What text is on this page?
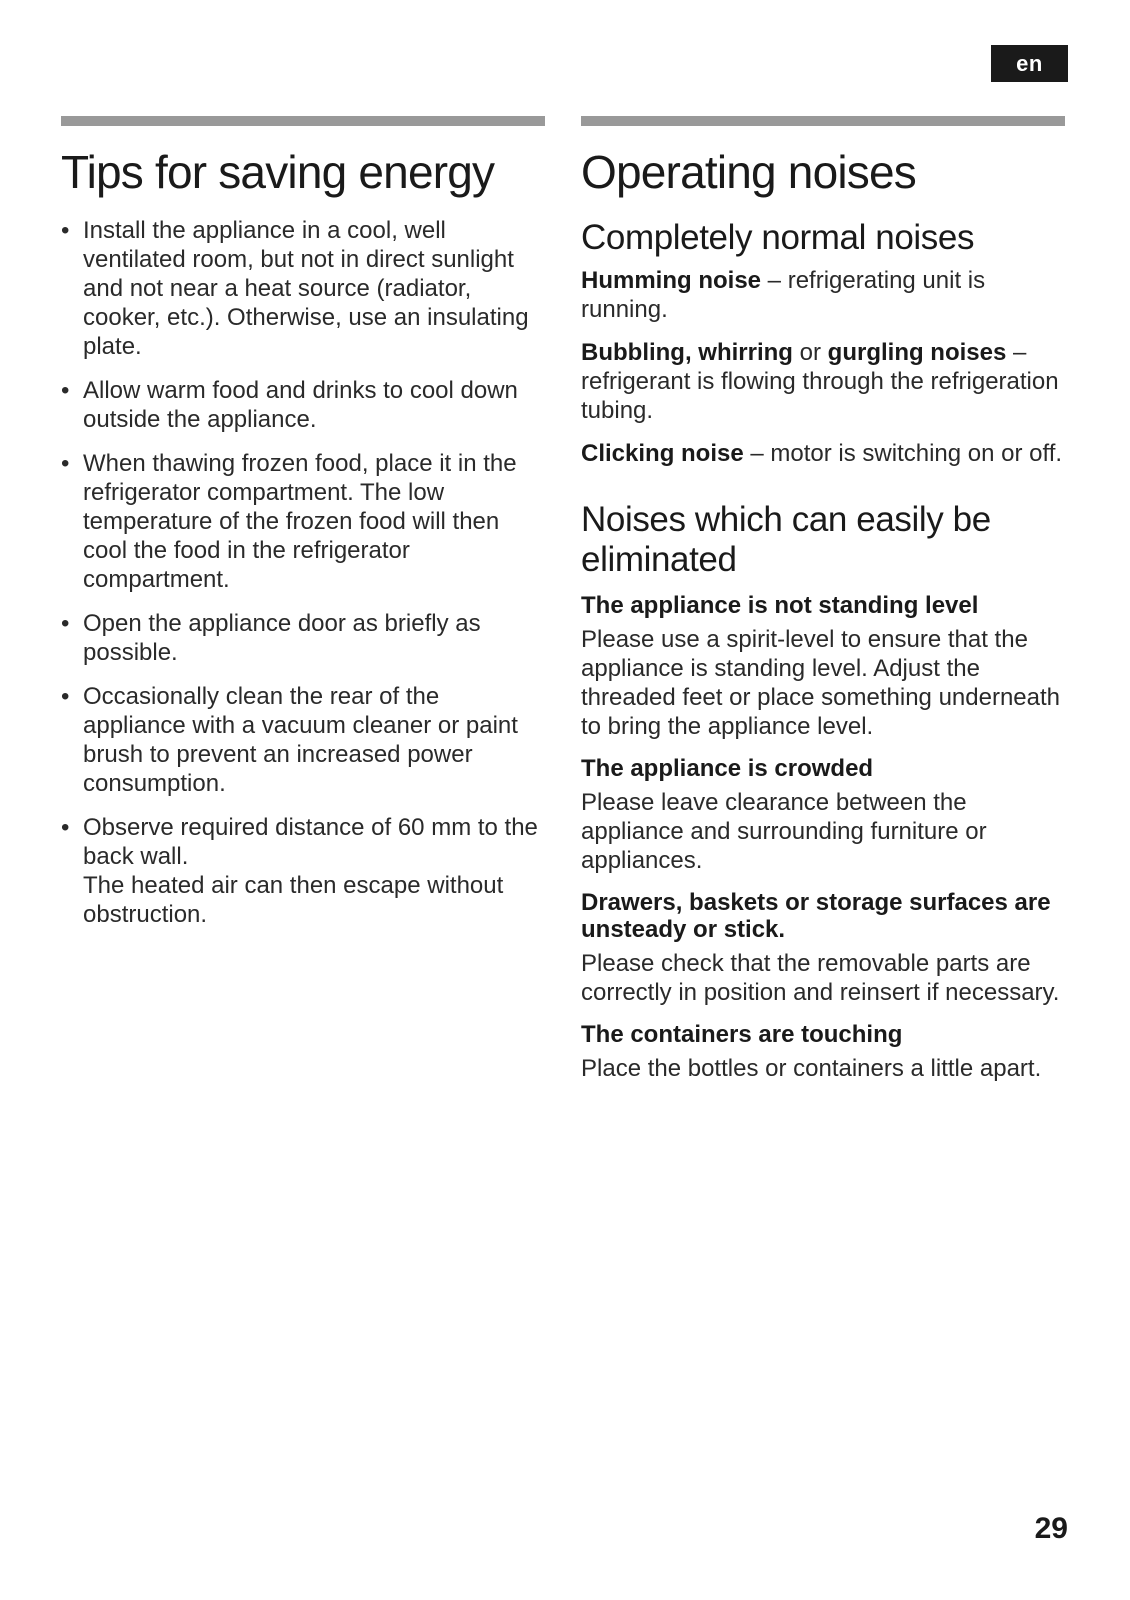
en
Tips for saving energy

• Install the appliance in a cool, well ventilated room, but not in direct sunlight and not near a heat source (radiator, cooker, etc.). Otherwise, use an insulating plate.

• Allow warm food and drinks to cool down outside the appliance.

• When thawing frozen food, place it in the refrigerator compartment. The low temperature of the frozen food will then cool the food in the refrigerator compartment.

• Open the appliance door as briefly as possible.

• Occasionally clean the rear of the appliance with a vacuum cleaner or paint brush to prevent an increased power consumption.

• Observe required distance of 60 mm to the back wall.

The heated air can then escape without obstruction.

Operating noises
Completely normal noises

Humming noise – refrigerating unit is running.

Bubbling, whirring or gurgling noises – refrigerant is flowing through the refrigeration tubing.

Clicking noise – motor is switching on or off.

Noises which can easily be eliminated

The appliance is not standing level

Please use a spirit-level to ensure that the appliance is standing level. Adjust the threaded feet or place something underneath to bring the appliance level.

The appliance is crowded

Please leave clearance between the appliance and surrounding furniture or appliances.

Drawers, baskets or storage surfaces are unsteady or stick.

Please check that the removable parts are correctly in position and reinsert if necessary.

The containers are touching

Place the bottles or containers a little apart.

29
